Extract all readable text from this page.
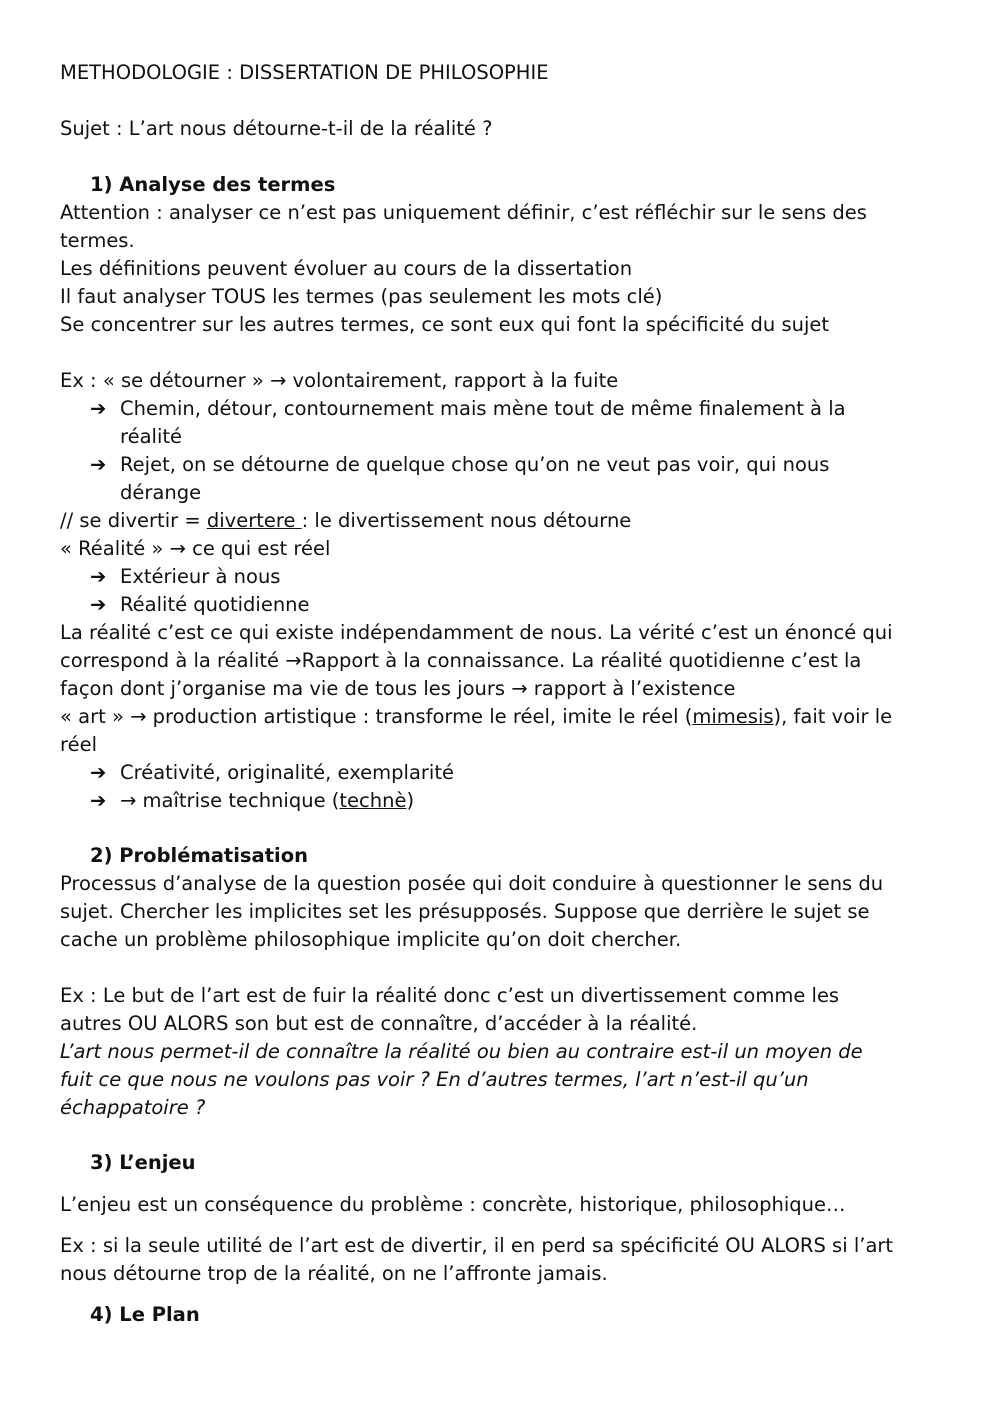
METHODOLOGIE : DISSERTATION DE PHILOSOPHIE
Sujet : L’art nous détourne-t-il de la réalité ?
1) Analyse des termes
Attention : analyser ce n’est pas uniquement définir, c’est réfléchir sur le sens des
termes.
Les définitions peuvent évoluer au cours de la dissertation
Il faut analyser TOUS les termes (pas seulement les mots clé)
Se concentrer sur les autres termes, ce sont eux qui font la spécificité du sujet
Ex : « se détourner » → volontairement, rapport à la fuite
➔ Chemin, détour, contournement mais mène tout de même finalement à la
réalité
➔ Rejet, on se détourne de quelque chose qu’on ne veut pas voir, qui nous
dérange
// se divertir = divertere : le divertissement nous détourne
« Réalité » → ce qui est réel
➔ Extérieur à nous
➔ Réalité quotidienne
La réalité c’est ce qui existe indépendamment de nous. La vérité c’est un énoncé qui
correspond à la réalité →Rapport à la connaissance. La réalité quotidienne c’est la
façon dont j’organise ma vie de tous les jours → rapport à l’existence
« art » → production artistique : transforme le réel, imite le réel (mimesis), fait voir le
réel
➔ Créativité, originalité, exemplarité
➔ → maîtrise technique (technè)
2) Problématisation
Processus d’analyse de la question posée qui doit conduire à questionner le sens du
sujet. Chercher les implicites set les présupposés. Suppose que derrière le sujet se
cache un problème philosophique implicite qu’on doit chercher.
Ex : Le but de l’art est de fuir la réalité donc c’est un divertissement comme les
autres OU ALORS son but est de connaître, d’accéder à la réalité.
L’art nous permet-il de connaître la réalité ou bien au contraire est-il un moyen de
fuit ce que nous ne voulons pas voir ? En d’autres termes, l’art n’est-il qu’un
échappatoire ?
3) L’enjeu
L’enjeu est un conséquence du problème : concrète, historique, philosophique…
Ex : si la seule utilité de l’art est de divertir, il en perd sa spécificité OU ALORS si l’art
nous détourne trop de la réalité, on ne l’affronte jamais.
4) Le Plan
